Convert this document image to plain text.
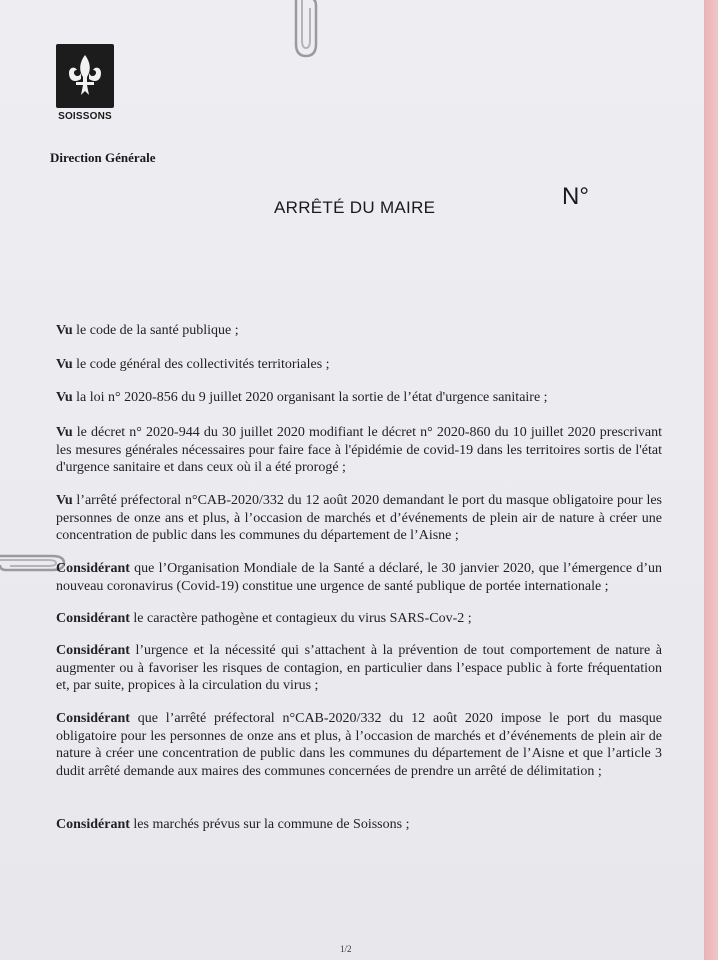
SOISSONS
Direction Générale
ARRÊTÉ DU MAIRE	N°

Vu le code de la santé publique ;

Vu le code général des collectivités territoriales ;

Vu la loi n° 2020-856 du 9 juillet 2020 organisant la sortie de l’état d'urgence sanitaire ;

Vu le décret n° 2020-944 du 30 juillet 2020 modifiant le décret n° 2020-860 du 10 juillet 2020 prescrivant les mesures générales nécessaires pour faire face à l'épidémie de covid-19 dans les territoires sortis de l'état d'urgence sanitaire et dans ceux où il a été prorogé ;

Vu l’arrêté préfectoral n°CAB-2020/332 du 12 août 2020 demandant le port du masque obligatoire pour les personnes de onze ans et plus, à l’occasion de marchés et d’événements de plein air de nature à créer une concentration de public dans les communes du département de l’Aisne ;

Considérant que l’Organisation Mondiale de la Santé a déclaré, le 30 janvier 2020, que l’émergence d’un nouveau coronavirus (Covid-19) constitue une urgence de santé publique de portée internationale ;

Considérant le caractère pathogène et contagieux du virus SARS-Cov-2 ;

Considérant l’urgence et la nécessité qui s’attachent à la prévention de tout comportement de nature à augmenter ou à favoriser les risques de contagion, en particulier dans l’espace public à forte fréquentation et, par suite, propices à la circulation du virus ;

Considérant que l’arrêté préfectoral n°CAB-2020/332 du 12 août 2020 impose le port du masque obligatoire pour les personnes de onze ans et plus, à l’occasion de marchés et d’événements de plein air de nature à créer une concentration de public dans les communes du département de l’Aisne et que l’article 3 dudit arrêté demande aux maires des communes concernées de prendre un arrêté de délimitation ;

Considérant les marchés prévus sur la commune de Soissons ;

1/2
